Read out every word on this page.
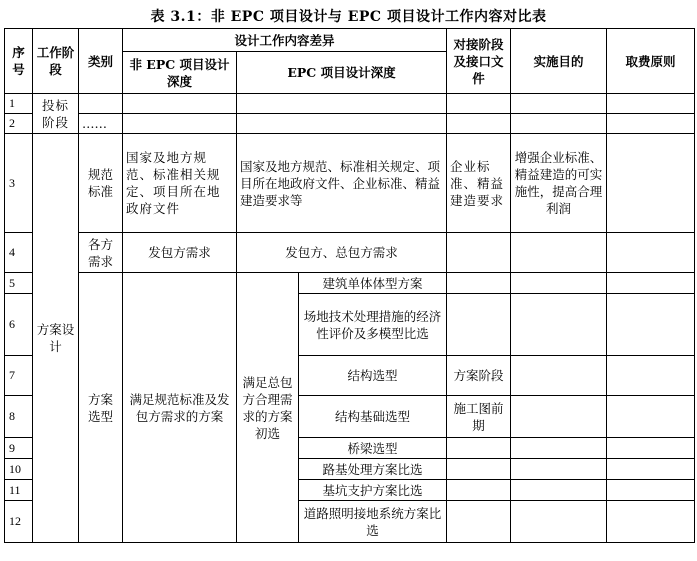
表 3.1：非 EPC 项目设计与 EPC 项目设计工作内容对比表
序号	工作阶段	类别	设计工作内容差异			对接阶段及接口文件	实施目的	取费原则
			非 EPC 项目设计深度	EPC 项目设计深度				
1	投标阶段							
2		……						
3	方案设计	规范标准	国家及地方规范、标准相关规定、项目所在地政府文件	国家及地方规范、标准相关规定、项目所在地政府文件、企业标准、精益建造要求等		企业标准、精益建造要求	增强企业标准、精益建造的可实施性，提高合理利润	
4		各方需求	发包方需求	发包方、总包方需求				
5		方案选型	满足规范标准及发包方需求的方案	满足总包方合理需求的方案初选	建筑单体体型方案			
6					场地技术处理措施的经济性评价及多模型比选			
7					结构选型	方案阶段		
8					结构基础选型	施工图前期		
9					桥梁选型			
10					路基处理方案比选			
11					基坑支护方案比选			
12					道路照明接地系统方案比选			
